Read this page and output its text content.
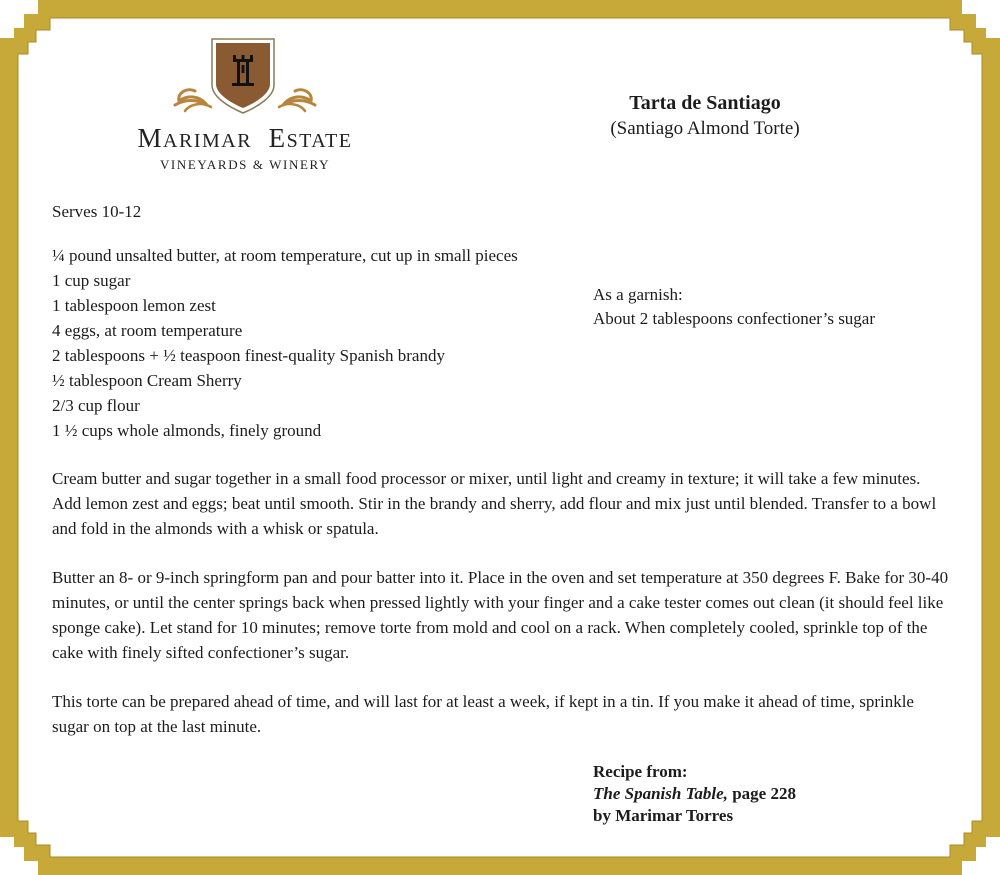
MARIMAR ESTATE
VINEYARDS & WINERY
Tarta de Santiago
(Santiago Almond Torte)
Serves 10-12
¼ pound unsalted butter, at room temperature, cut up in small pieces
1 cup sugar
1 tablespoon lemon zest
4 eggs, at room temperature
2 tablespoons + ½ teaspoon finest-quality Spanish brandy
½ tablespoon Cream Sherry
2/3 cup flour
1 ½ cups whole almonds, finely ground
As a garnish:
About 2 tablespoons confectioner’s sugar

Cream butter and sugar together in a small food processor or mixer, until light and creamy in texture; it will take a few minutes. Add lemon zest and eggs; beat until smooth. Stir in the brandy and sherry, add flour and mix just until blended. Transfer to a bowl and fold in the almonds with a whisk or spatula.

Butter an 8- or 9-inch springform pan and pour batter into it. Place in the oven and set temperature at 350 degrees F. Bake for 30-40 minutes, or until the center springs back when pressed lightly with your finger and a cake tester comes out clean (it should feel like sponge cake). Let stand for 10 minutes; remove torte from mold and cool on a rack. When completely cooled, sprinkle top of the cake with finely sifted confectioner’s sugar.

This torte can be prepared ahead of time, and will last for at least a week, if kept in a tin. If you make it ahead of time, sprinkle sugar on top at the last minute.

Recipe from:
The Spanish Table, page 228
by Marimar Torres
